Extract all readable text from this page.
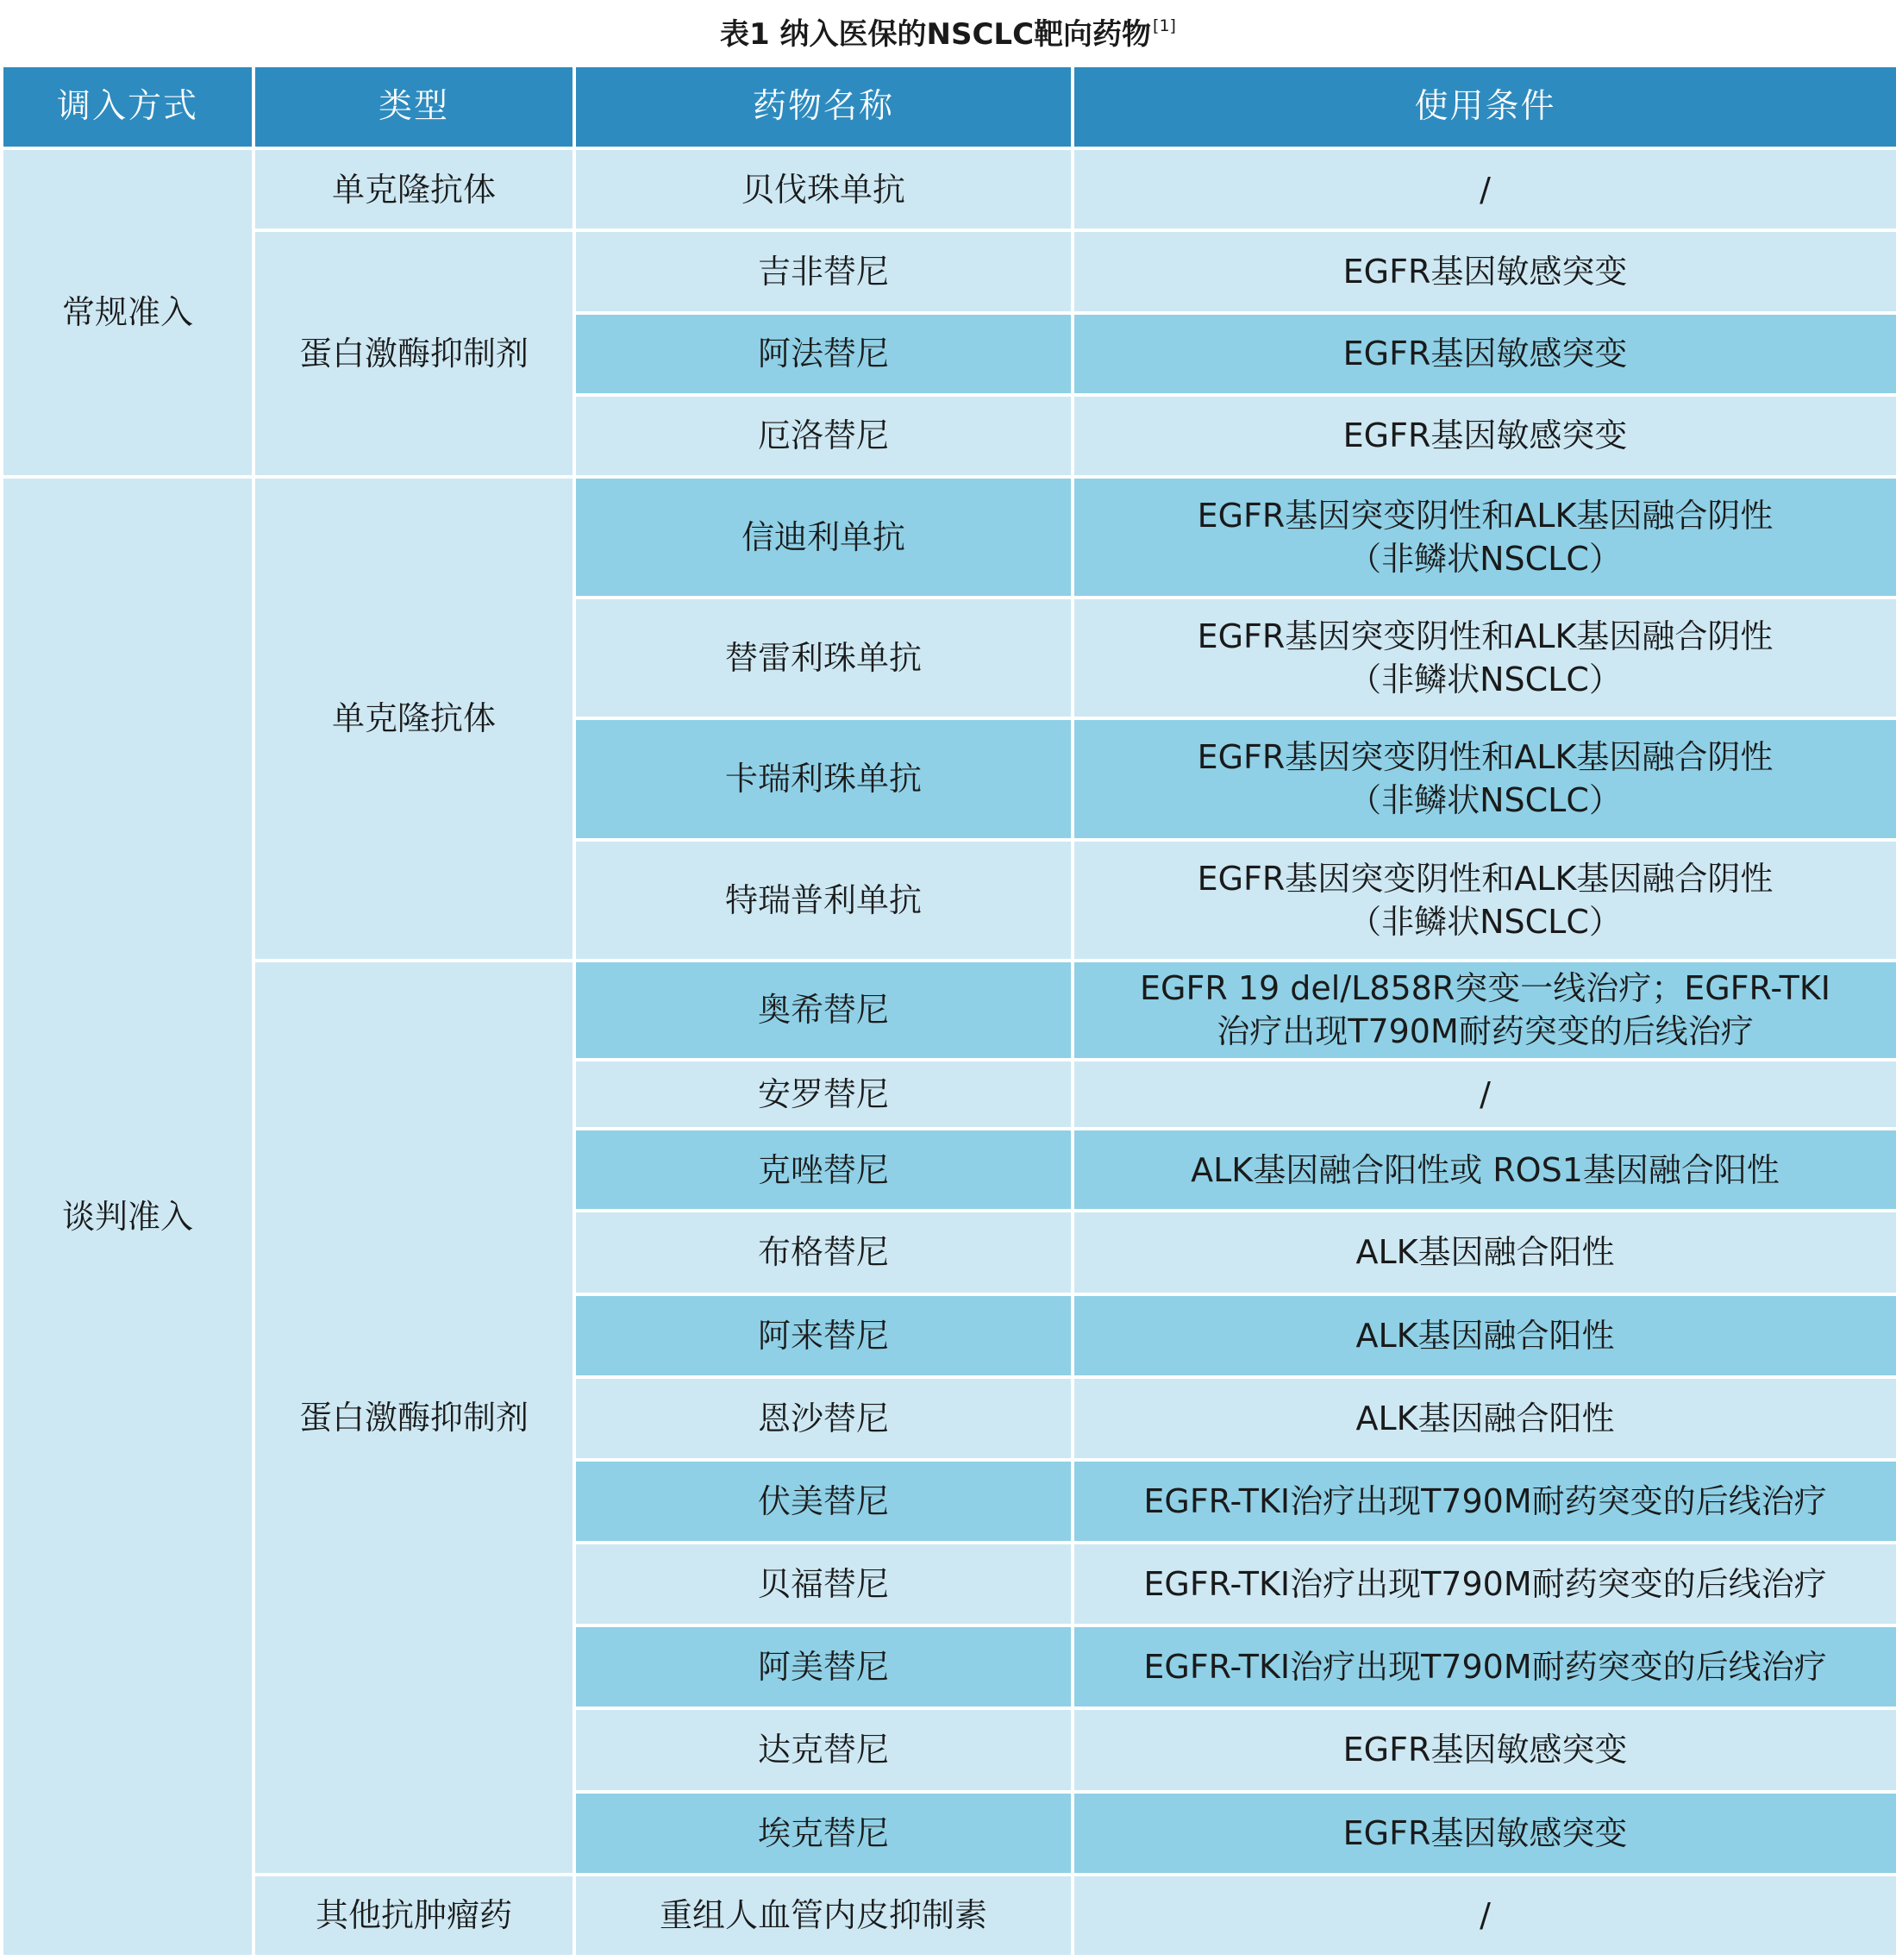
表1 纳入医保的NSCLC靶向药物[1]
调入方式	类型	药物名称	使用条件
常规准入	单克隆抗体	贝伐珠单抗	/
	蛋白激酶抑制剂	吉非替尼	EGFR基因敏感突变
		阿法替尼	EGFR基因敏感突变
		厄洛替尼	EGFR基因敏感突变
谈判准入	单克隆抗体	信迪利单抗	EGFR基因突变阴性和ALK基因融合阴性
（非鳞状NSCLC）

		替雷利珠单抗	EGFR基因突变阴性和ALK基因融合阴性
（非鳞状NSCLC）

		卡瑞利珠单抗	EGFR基因突变阴性和ALK基因融合阴性
（非鳞状NSCLC）

		特瑞普利单抗	EGFR基因突变阴性和ALK基因融合阴性
（非鳞状NSCLC）

	蛋白激酶抑制剂	奥希替尼	EGFR 19 del/L858R突变一线治疗；EGFR-TKI
治疗出现T790M耐药突变的后线治疗

		安罗替尼	/
		克唑替尼	ALK基因融合阳性或 ROS1基因融合阳性
		布格替尼	ALK基因融合阳性
		阿来替尼	ALK基因融合阳性
		恩沙替尼	ALK基因融合阳性
		伏美替尼	EGFR-TKI治疗出现T790M耐药突变的后线治疗
		贝福替尼	EGFR-TKI治疗出现T790M耐药突变的后线治疗
		阿美替尼	EGFR-TKI治疗出现T790M耐药突变的后线治疗
		达克替尼	EGFR基因敏感突变
		埃克替尼	EGFR基因敏感突变
	其他抗肿瘤药	重组人血管内皮抑制素	/
